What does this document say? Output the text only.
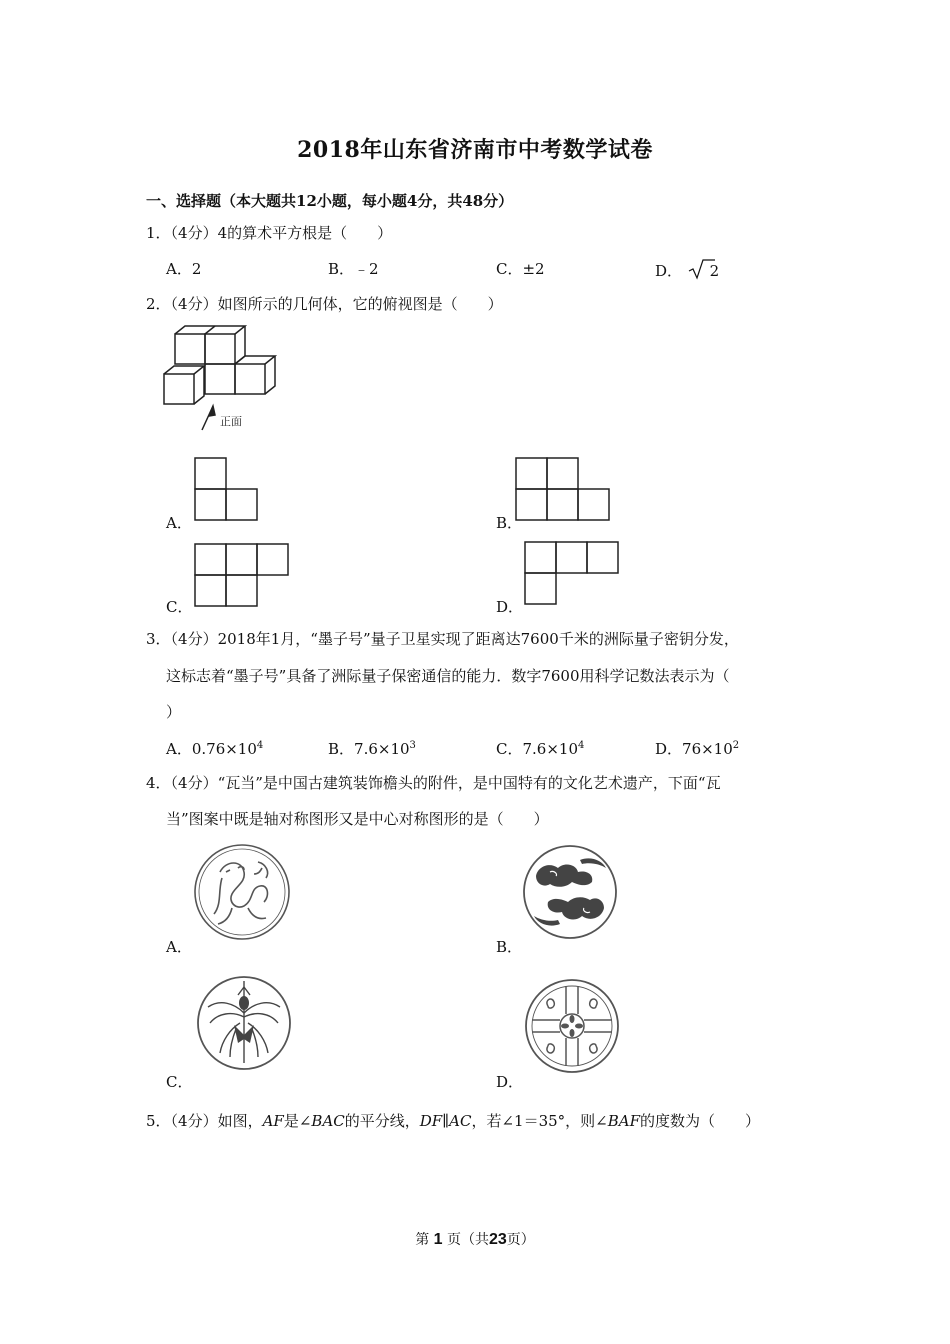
2018年山东省济南市中考数学试卷
一、选择题（本大题共12小题，每小题4分，共48分）
1．（4分）4的算术平方根是（　　）
A．2	B．﹣2	C．±2	D． 2
2．（4分）如图所示的几何体，它的俯视图是（　　）
正面
A．	B．
C．	D．
3．（4分）2018年1月，“墨子号”量子卫星实现了距离达7600千米的洲际量子密钥分发，
这标志着“墨子号”具备了洲际量子保密通信的能力．数字7600用科学记数法表示为（
）
A．$0.76\times 10^4$	B．$7.6\times 10^3$	C．$7.6\times 10^4$	D．$76\times 10^2$
4．（4分）“瓦当”是中国古建筑装饰檐头的附件，是中国特有的文化艺术遗产，下面“瓦
当”图案中既是轴对称图形又是中心对称图形的是（　　）
A．	B．
C．	D．
5．（4分）如图，AF是∠BAC的平分线，DF∥AC，若∠1＝35°，则∠BAF的度数为（　　）
第 1 页（共23页）
